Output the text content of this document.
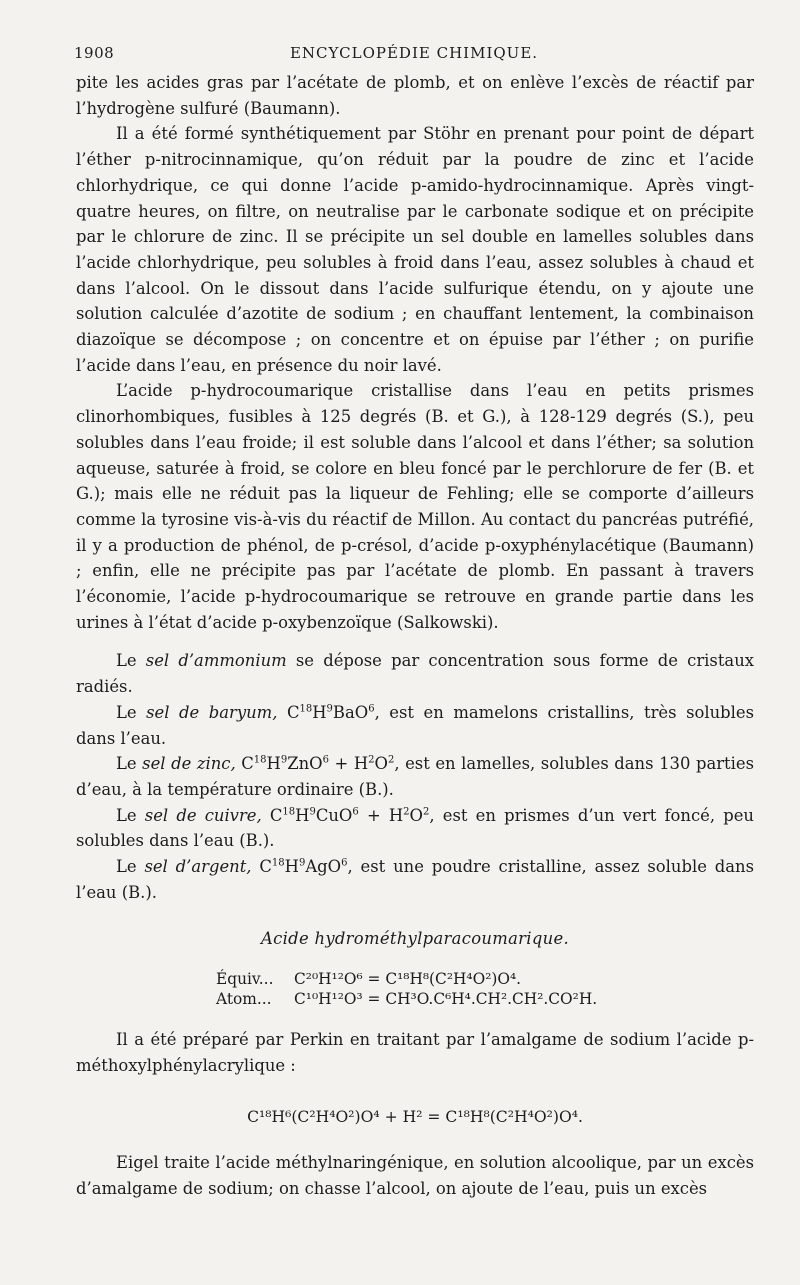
1908	ENCYCLOPÉDIE CHIMIQUE.

pite les acides gras par l’acétate de plomb, et on enlève l’excès de réactif par l’hydrogène sulfuré (Baumann).

Il a été formé synthétiquement par Stöhr en prenant pour point de départ l’éther p-nitrocinnamique, qu’on réduit par la poudre de zinc et l’acide chlorhydrique, ce qui donne l’acide p-amido-hydrocinnamique. Après vingt-quatre heures, on filtre, on neutralise par le carbonate sodique et on précipite par le chlorure de zinc. Il se précipite un sel double en lamelles solubles dans l’acide chlorhydrique, peu solubles à froid dans l’eau, assez solubles à chaud et dans l’alcool. On le dissout dans l’acide sulfurique étendu, on y ajoute une solution calculée d’azotite de sodium ; en chauffant lentement, la combinaison diazoïque se décompose ; on concentre et on épuise par l’éther ; on purifie l’acide dans l’eau, en présence du noir lavé.

L’acide p-hydrocoumarique cristallise dans l’eau en petits prismes clinorhombiques, fusibles à 125 degrés (B. et G.), à 128-129 degrés (S.), peu solubles dans l’eau froide; il est soluble dans l’alcool et dans l’éther; sa solution aqueuse, saturée à froid, se colore en bleu foncé par le perchlorure de fer (B. et G.); mais elle ne réduit pas la liqueur de Fehling; elle se comporte d’ailleurs comme la tyrosine vis-à-vis du réactif de Millon. Au contact du pancréas putréfié, il y a production de phénol, de p-crésol, d’acide p-oxyphénylacétique (Baumann) ; enfin, elle ne précipite pas par l’acétate de plomb. En passant à travers l’économie, l’acide p-hydrocoumarique se retrouve en grande partie dans les urines à l’état d’acide p-oxybenzoïque (Salkowski).

Le sel d’ammonium se dépose par concentration sous forme de cristaux radiés.

Le sel de baryum, $C^{18}H^9BaO^6$, est en mamelons cristallins, très solubles dans l’eau.

Le sel de zinc, $C^{18}H^9ZnO^6 + H^2O^2$, est en lamelles, solubles dans 130 parties d’eau, à la température ordinaire (B.).

Le sel de cuivre, $C^{18}H^9CuO^6 + H^2O^2$, est en prismes d’un vert foncé, peu solubles dans l’eau (B.).

Le sel d’argent, $C^{18}H^9AgO^6$, est une poudre cristalline, assez soluble dans l’eau (B.).

Acide hydrométhylparacoumarique.

Équiv... C²⁰H¹²O⁶ = C¹⁸H⁸(C²H⁴O²)O⁴.
Atom... C¹⁰H¹²O³ = CH³O.C⁶H⁴.CH².CH².CO²H.

Il a été préparé par Perkin en traitant par l’amalgame de sodium l’acide p-méthoxylphénylacrylique :

C¹⁸H⁶(C²H⁴O²)O⁴ + H² = C¹⁸H⁸(C²H⁴O²)O⁴.

Eigel traite l’acide méthylnaringénique, en solution alcoolique, par un excès d’amalgame de sodium; on chasse l’alcool, on ajoute de l’eau, puis un excès
